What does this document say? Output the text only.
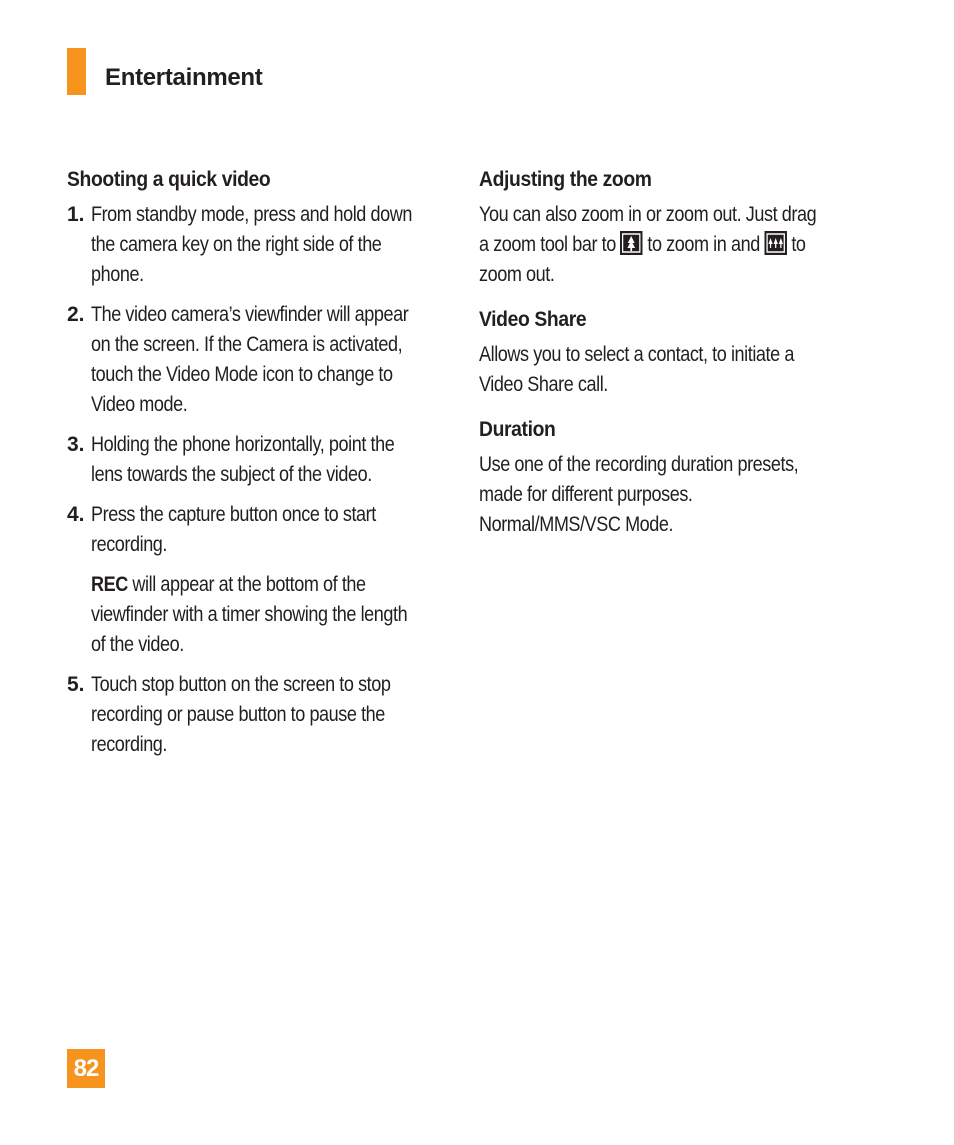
Entertainment
Shooting a quick video
1. From standby mode, press and hold down

the camera key on the right side of the

phone.

2. The video camera’s viewfinder will appear

on the screen. If the Camera is activated,

touch the Video Mode icon to change to

Video mode.

3. Holding the phone horizontally, point the

lens towards the subject of the video.

4. Press the capture button once to start

recording.

REC will appear at the bottom of the

viewfinder with a timer showing the length

of the video.

5. Touch stop button on the screen to stop

recording or pause button to pause the

recording.

Adjusting the zoom

You can also zoom in or zoom out. Just drag

a zoom tool bar to
to zoom in and
to

zoom out.

Video Share

Allows you to select a contact, to initiate a

Video Share call.

Duration

Use one of the recording duration presets,

made for different purposes.

Normal/MMS/VSC Mode.

82
